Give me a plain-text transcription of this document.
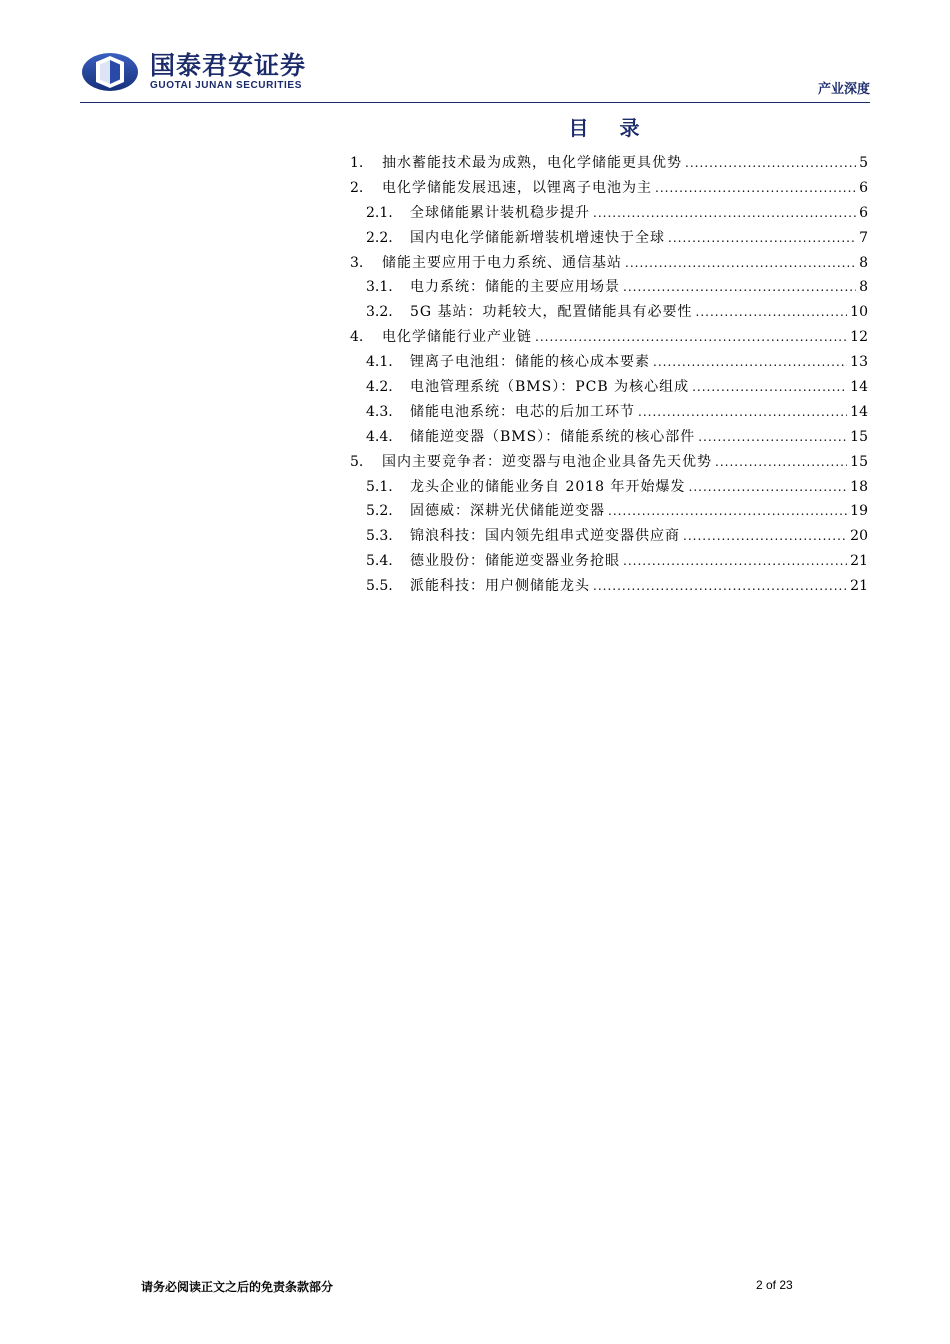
国泰君安证券
GUOTAI JUNAN SECURITIES	产业深度
目 录
1.	抽水蓄能技术最为成熟，电化学储能更具优势 .....	5
2.	电化学储能发展迅速，以锂离子电池为主 .....	6
2.1.	全球储能累计装机稳步提升 .....	6
2.2.	国内电化学储能新增装机增速快于全球 .....	7
3.	储能主要应用于电力系统、通信基站 .....	8
3.1.	电力系统：储能的主要应用场景 .....	8
3.2.	5G 基站：功耗较大，配置储能具有必要性 .....	10
4.	电化学储能行业产业链 .....	12
4.1.	锂离子电池组：储能的核心成本要素 .....	13
4.2.	电池管理系统（BMS）：PCB 为核心组成 .....	14
4.3.	储能电池系统：电芯的后加工环节 .....	14
4.4.	储能逆变器（BMS）：储能系统的核心部件 .....	15
5.	国内主要竞争者：逆变器与电池企业具备先天优势 .....	15
5.1.	龙头企业的储能业务自 2018 年开始爆发 .....	18
5.2.	固德威：深耕光伏储能逆变器 .....	19
5.3.	锦浪科技：国内领先组串式逆变器供应商 .....	20
5.4.	德业股份：储能逆变器业务抢眼 .....	21
5.5.	派能科技：用户侧储能龙头 .....	21
请务必阅读正文之后的免责条款部分	2 of 23
